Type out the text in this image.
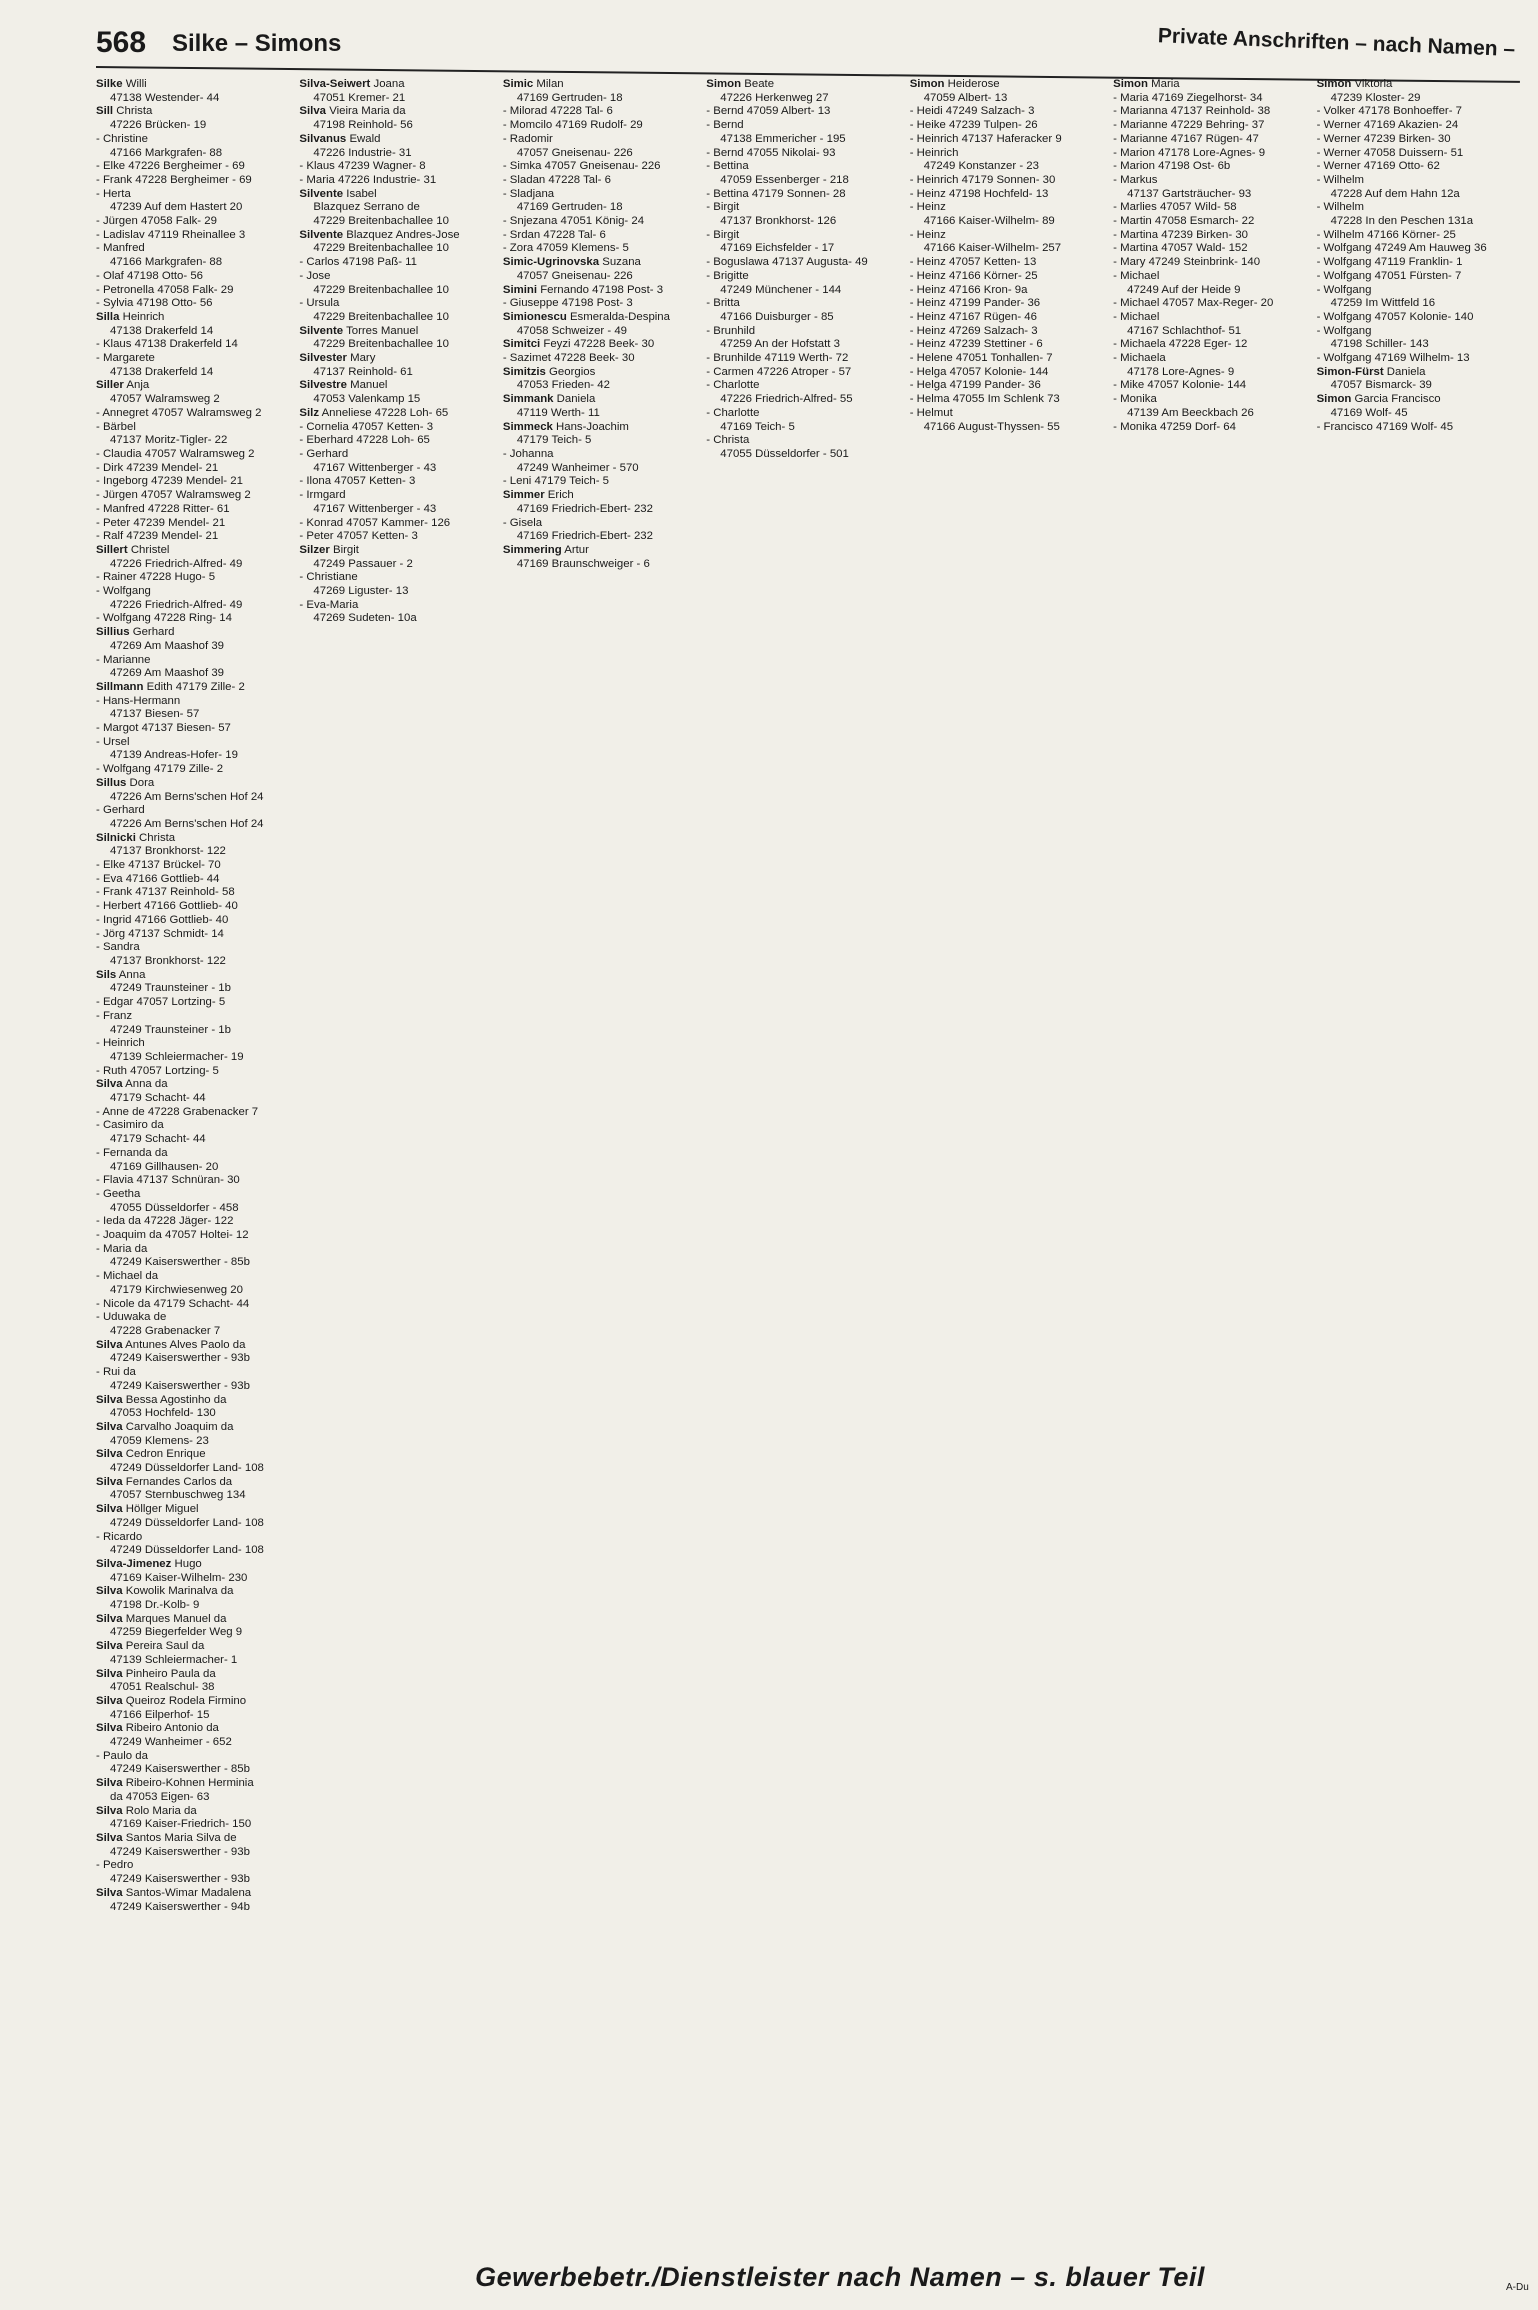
568 Silke – Simons	Private Anschriften – nach Namen –
Silke Willi
47138 Westender- 44
Sill Christa
47226 Brücken- 19
- Christine
47166 Markgrafen- 88
- Elke 47226 Bergheimer - 69
- Frank 47228 Bergheimer - 69
- Herta
47239 Auf dem Hastert 20
- Jürgen 47058 Falk- 29
- Ladislav 47119 Rheinallee 3
- Manfred
47166 Markgrafen- 88
- Olaf 47198 Otto- 56
- Petronella 47058 Falk- 29
- Sylvia 47198 Otto- 56
Silla Heinrich
47138 Drakerfeld 14
- Klaus 47138 Drakerfeld 14
- Margarete
47138 Drakerfeld 14
Siller Anja
47057 Walramsweg 2
- Annegret 47057 Walramsweg 2
- Bärbel
47137 Moritz-Tigler- 22
- Claudia 47057 Walramsweg 2
- Dirk 47239 Mendel- 21
- Ingeborg 47239 Mendel- 21
- Jürgen 47057 Walramsweg 2
- Manfred 47228 Ritter- 61
- Peter 47239 Mendel- 21
- Ralf 47239 Mendel- 21
Sillert Christel
47226 Friedrich-Alfred- 49
- Rainer 47228 Hugo- 5
- Wolfgang
47226 Friedrich-Alfred- 49
- Wolfgang 47228 Ring- 14
Sillius Gerhard
47269 Am Maashof 39
- Marianne
47269 Am Maashof 39
Sillmann Edith 47179 Zille- 2
- Hans-Hermann
47137 Biesen- 57
- Margot 47137 Biesen- 57
- Ursel
47139 Andreas-Hofer- 19
- Wolfgang 47179 Zille- 2
Sillus Dora
47226 Am Berns'schen Hof 24
- Gerhard
47226 Am Berns'schen Hof 24
Silnicki Christa
47137 Bronkhorst- 122
- Elke 47137 Brückel- 70
- Eva 47166 Gottlieb- 44
- Frank 47137 Reinhold- 58
- Herbert 47166 Gottlieb- 40
- Ingrid 47166 Gottlieb- 40
- Jörg 47137 Schmidt- 14
- Sandra
47137 Bronkhorst- 122
Sils Anna
47249 Traunsteiner - 1b
- Edgar 47057 Lortzing- 5
- Franz
47249 Traunsteiner - 1b
- Heinrich
47139 Schleiermacher- 19
- Ruth 47057 Lortzing- 5
Silva Anna da
47179 Schacht- 44
- Anne de 47228 Grabenacker 7
- Casimiro da
47179 Schacht- 44
- Fernanda da
47169 Gillhausen- 20
- Flavia 47137 Schnüran- 30
- Geetha
47055 Düsseldorfer - 458
- Ieda da 47228 Jäger- 122
- Joaquim da 47057 Holtei- 12
- Maria da
47249 Kaiserswerther - 85b
- Michael da
47179 Kirchwiesenweg 20
- Nicole da 47179 Schacht- 44
- Uduwaka de
47228 Grabenacker 7
Silva Antunes Alves Paolo da
47249 Kaiserswerther - 93b
- Rui da
47249 Kaiserswerther - 93b
Silva Bessa Agostinho da
47053 Hochfeld- 130
Silva Carvalho Joaquim da
47059 Klemens- 23
Silva Cedron Enrique
47249 Düsseldorfer Land- 108
Silva Fernandes Carlos da
47057 Sternbuschweg 134
Silva Höllger Miguel
47249 Düsseldorfer Land- 108
- Ricardo
47249 Düsseldorfer Land- 108
Silva-Jimenez Hugo
47169 Kaiser-Wilhelm- 230
Silva Kowolik Marinalva da
47198 Dr.-Kolb- 9
Silva Marques Manuel da
47259 Biegerfelder Weg 9
Silva Pereira Saul da
47139 Schleiermacher- 1
Silva Pinheiro Paula da
47051 Realschul- 38
Silva Queiroz Rodela Firmino
47166 Eilperhof- 15
Silva Ribeiro Antonio da
47249 Wanheimer - 652
- Paulo da
47249 Kaiserswerther - 85b
Silva Ribeiro-Kohnen Herminia
da 47053 Eigen- 63
Silva Rolo Maria da
47169 Kaiser-Friedrich- 150
Silva Santos Maria Silva de
47249 Kaiserswerther - 93b
- Pedro
47249 Kaiserswerther - 93b
Silva Santos-Wimar Madalena
47249 Kaiserswerther - 94b
Silva-Seiwert Joana
47051 Kremer- 21
Silva Vieira Maria da
47198 Reinhold- 56
Silvanus Ewald
47226 Industrie- 31
- Klaus 47239 Wagner- 8
- Maria 47226 Industrie- 31
Silvente Isabel
Blazquez Serrano de
47229 Breitenbachallee 10
Silvente Blazquez Andres-Jose
47229 Breitenbachallee 10
- Carlos 47198 Paß- 11
- Jose
47229 Breitenbachallee 10
- Ursula
47229 Breitenbachallee 10
Silvente Torres Manuel
47229 Breitenbachallee 10
Silvester Mary
47137 Reinhold- 61
Silvestre Manuel
47053 Valenkamp 15
Silz Anneliese 47228 Loh- 65
- Cornelia 47057 Ketten- 3
- Eberhard 47228 Loh- 65
- Gerhard
47167 Wittenberger - 43
- Ilona 47057 Ketten- 3
- Irmgard
47167 Wittenberger - 43
- Konrad 47057 Kammer- 126
- Peter 47057 Ketten- 3
Silzer Birgit
47249 Passauer - 2
- Christiane
47269 Liguster- 13
- Eva-Maria
47269 Sudeten- 10a
Simic Milan
47169 Gertruden- 18
- Milorad 47228 Tal- 6
- Momcilo 47169 Rudolf- 29
- Radomir
47057 Gneisenau- 226
- Simka 47057 Gneisenau- 226
- Sladan 47228 Tal- 6
- Sladjana
47169 Gertruden- 18
- Snjezana 47051 König- 24
- Srdan 47228 Tal- 6
- Zora 47059 Klemens- 5
Simic-Ugrinovska Suzana
47057 Gneisenau- 226
Simini Fernando 47198 Post- 3
- Giuseppe 47198 Post- 3
Simionescu Esmeralda-Despina
47058 Schweizer - 49
Simitci Feyzi 47228 Beek- 30
- Sazimet 47228 Beek- 30
Simitzis Georgios
47053 Frieden- 42
Simmank Daniela
47119 Werth- 11
Simmeck Hans-Joachim
47179 Teich- 5
- Johanna
47249 Wanheimer - 570
- Leni 47179 Teich- 5
Simmer Erich
47169 Friedrich-Ebert- 232
- Gisela
47169 Friedrich-Ebert- 232
Simmering Artur
47169 Braunschweiger - 6
Simon Beate
47226 Herkenweg 27
- Bernd 47059 Albert- 13
- Bernd
47138 Emmericher - 195
- Bernd 47055 Nikolai- 93
- Bettina
47059 Essenberger - 218
- Bettina 47179 Sonnen- 28
- Birgit
47137 Bronkhorst- 126
- Birgit
47169 Eichsfelder - 17
- Boguslawa 47137 Augusta- 49
- Brigitte
47249 Münchener - 144
- Britta
47166 Duisburger - 85
- Brunhild
47259 An der Hofstatt 3
- Brunhilde 47119 Werth- 72
- Carmen 47226 Atroper - 57
- Charlotte
47226 Friedrich-Alfred- 55
- Charlotte
47169 Teich- 5
- Christa
47055 Düsseldorfer - 501
Simon Heiderose
47059 Albert- 13
- Heidi 47249 Salzach- 3
- Heike 47239 Tulpen- 26
- Heinrich 47137 Haferacker 9
- Heinrich
47249 Konstanzer - 23
- Heinrich 47179 Sonnen- 30
- Heinz 47198 Hochfeld- 13
- Heinz
47166 Kaiser-Wilhelm- 89
- Heinz
47166 Kaiser-Wilhelm- 257
- Heinz 47057 Ketten- 13
- Heinz 47166 Körner- 25
- Heinz 47166 Kron- 9a
- Heinz 47199 Pander- 36
- Heinz 47167 Rügen- 46
- Heinz 47269 Salzach- 3
- Heinz 47239 Stettiner - 6
- Helene 47051 Tonhallen- 7
- Helga 47057 Kolonie- 144
- Helga 47199 Pander- 36
- Helma 47055 Im Schlenk 73
- Helmut
47166 August-Thyssen- 55
Simon Maria
- Maria 47169 Ziegelhorst- 34
- Marianna 47137 Reinhold- 38
- Marianne 47229 Behring- 37
- Marianne 47167 Rügen- 47
- Marion 47178 Lore-Agnes- 9
- Marion 47198 Ost- 6b
- Markus
47137 Gartsträucher- 93
- Marlies 47057 Wild- 58
- Martin 47058 Esmarch- 22
- Martina 47239 Birken- 30
- Martina 47057 Wald- 152
- Mary 47249 Steinbrink- 140
- Michael
47249 Auf der Heide 9
- Michael 47057 Max-Reger- 20
- Michael
47167 Schlachthof- 51
- Michaela 47228 Eger- 12
- Michaela
47178 Lore-Agnes- 9
- Mike 47057 Kolonie- 144
- Monika
47139 Am Beeckbach 26
- Monika 47259 Dorf- 64
Simon Viktoria
47239 Kloster- 29
- Volker 47178 Bonhoeffer- 7
- Werner 47169 Akazien- 24
- Werner 47239 Birken- 30
- Werner 47058 Duissern- 51
- Werner 47169 Otto- 62
- Wilhelm
47228 Auf dem Hahn 12a
- Wilhelm
47228 In den Peschen 131a
- Wilhelm 47166 Körner- 25
- Wolfgang 47249 Am Hauweg 36
- Wolfgang 47119 Franklin- 1
- Wolfgang 47051 Fürsten- 7
- Wolfgang
47259 Im Wittfeld 16
- Wolfgang 47057 Kolonie- 140
- Wolfgang
47198 Schiller- 143
- Wolfgang 47169 Wilhelm- 13
Simon-Fürst Daniela
47057 Bismarck- 39
Simon Garcia Francisco
47169 Wolf- 45
- Francisco 47169 Wolf- 45
Gewerbebetr./Dienstleister nach Namen – s. blauer Teil	A-Du
